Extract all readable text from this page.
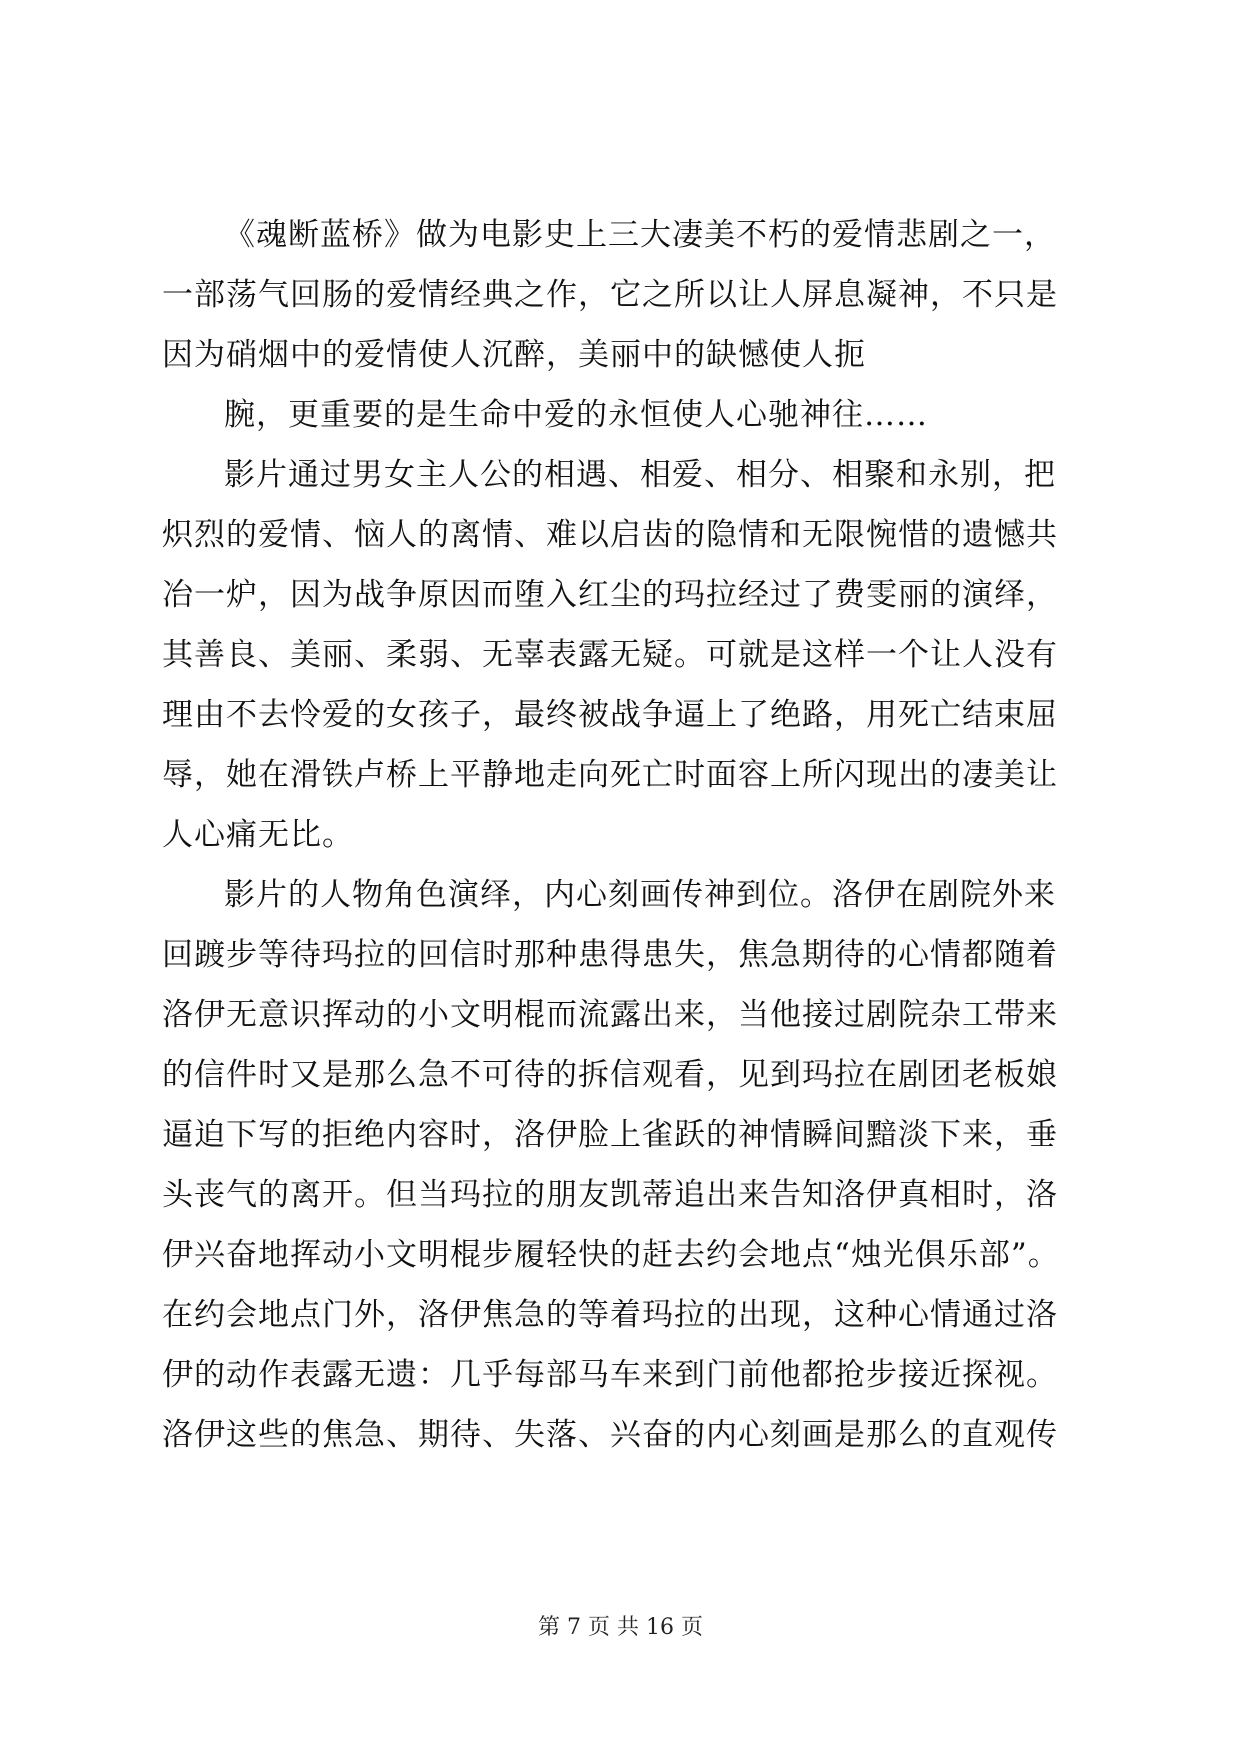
《魂断蓝桥》做为电影史上三大凄美不朽的爱情悲剧之一，
一部荡气回肠的爱情经典之作，它之所以让人屏息凝神，不只是
因为硝烟中的爱情使人沉醉，美丽中的缺憾使人扼
腕，更重要的是生命中爱的永恒使人心驰神往……
影片通过男女主人公的相遇、相爱、相分、相聚和永别，把
炽烈的爱情、恼人的离情、难以启齿的隐情和无限惋惜的遗憾共
冶一炉，因为战争原因而堕入红尘的玛拉经过了费雯丽的演绎，
其善良、美丽、柔弱、无辜表露无疑。可就是这样一个让人没有
理由不去怜爱的女孩子，最终被战争逼上了绝路，用死亡结束屈
辱，她在滑铁卢桥上平静地走向死亡时面容上所闪现出的凄美让
人心痛无比。
影片的人物角色演绎，内心刻画传神到位。洛伊在剧院外来
回踱步等待玛拉的回信时那种患得患失，焦急期待的心情都随着
洛伊无意识挥动的小文明棍而流露出来，当他接过剧院杂工带来
的信件时又是那么急不可待的拆信观看，见到玛拉在剧团老板娘
逼迫下写的拒绝内容时，洛伊脸上雀跃的神情瞬间黯淡下来，垂
头丧气的离开。但当玛拉的朋友凯蒂追出来告知洛伊真相时，洛
伊兴奋地挥动小文明棍步履轻快的赶去约会地点“烛光俱乐部”。
在约会地点门外，洛伊焦急的等着玛拉的出现，这种心情通过洛
伊的动作表露无遗：几乎每部马车来到门前他都抢步接近探视。
洛伊这些的焦急、期待、失落、兴奋的内心刻画是那么的直观传
第 7 页 共 16 页
